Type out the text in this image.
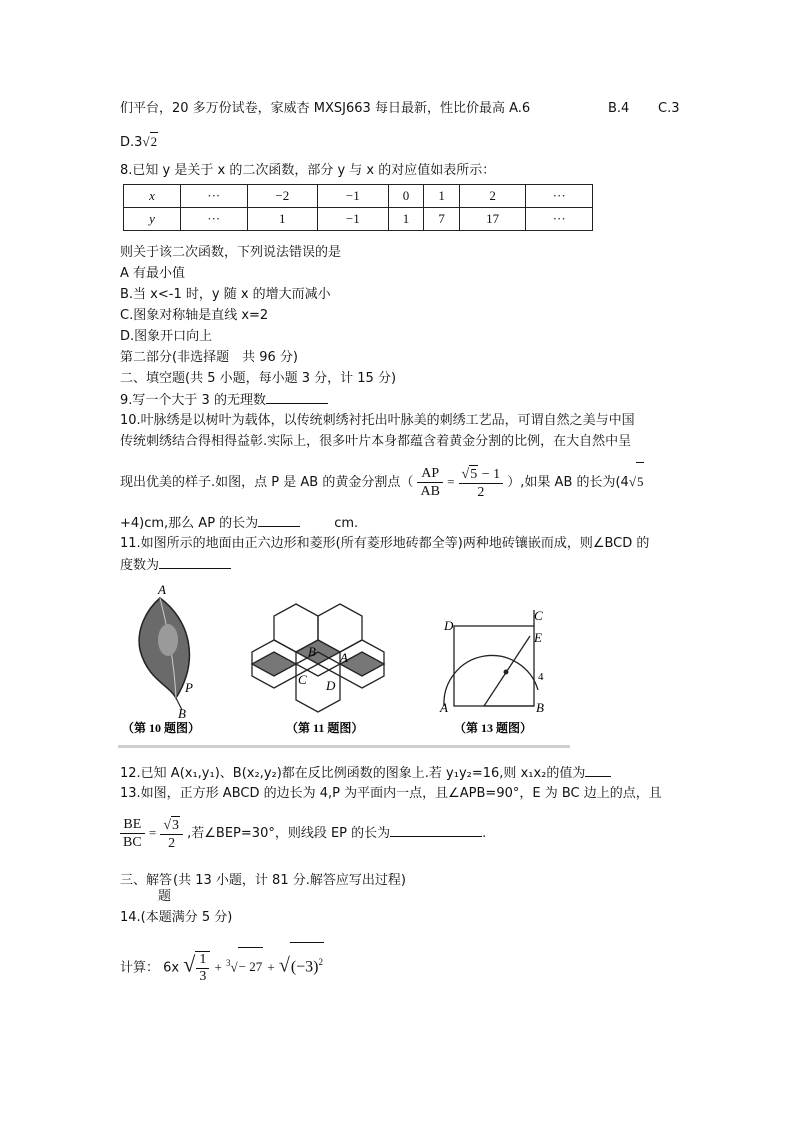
们平台，20 多万份试卷，家威杏 MXSJ663 每日最新，性比价最高 A.6	B.4 C.3
D.3√2
8.已知 y 是关于 x 的二次函数，部分 y 与 x 的对应值如表所示：
x	···	−2	−1	0	1	2	···
y	···	1	−1	1	7	17	···
则关于该二次函数，下列说法错误的是
A 有最小值
B.当 x<-1 时，y 随 x 的增大而减小
C.图象对称轴是直线 x=2
D.图象开口向上
第二部分(非选择题　共 96 分)
二、填空题(共 5 小题，每小题 3 分，计 15 分)
9.写一个大于 3 的无理数
10.叶脉绣是以树叶为载体，以传统刺绣衬托出叶脉美的刺绣工艺品，可谓自然之美与中国
传统刺绣结合得相得益彰.实际上，很多叶片本身都蕴含着黄金分割的比例，在大自然中呈
现出优美的样子.如图，点 P 是 AB 的黄金分割点（ $\frac{AP}{AB} = \frac{√5 - 1}{2}$ ）,如果 AB 的长为(4√5
+4)cm,那么 AP 的长为	cm.
11.如图所示的地面由正六边形和菱形(所有菱形地砖都全等)两种地砖镶嵌而成，则∠BCD 的
度数为
A
P
B
（第 10 题图）
B A
C D
（第 11 题图）
D
C
E
A	B
4
（第 13 题图）
12.已知 A(x₁,y₁)、B(x₂,y₂)都在反比例函数的图象上.若 y₁y₂=16,则 x₁x₂的值为
13.如图，正方形 ABCD 的边长为 4,P 为平面内一点，且∠APB=90°，E 为 BC 边上的点，且
$\frac{BE}{BC} = \frac{√3}{2}$ ,若∠BEP=30°，则线段 EP 的长为	.
三、解答题(共 13 小题，计 81 分.解答应写出过程)
14.(本题满分 5 分)
计算： 6x √ $\frac{1}{3} + ^3√- 27 + √(-3)^2$
